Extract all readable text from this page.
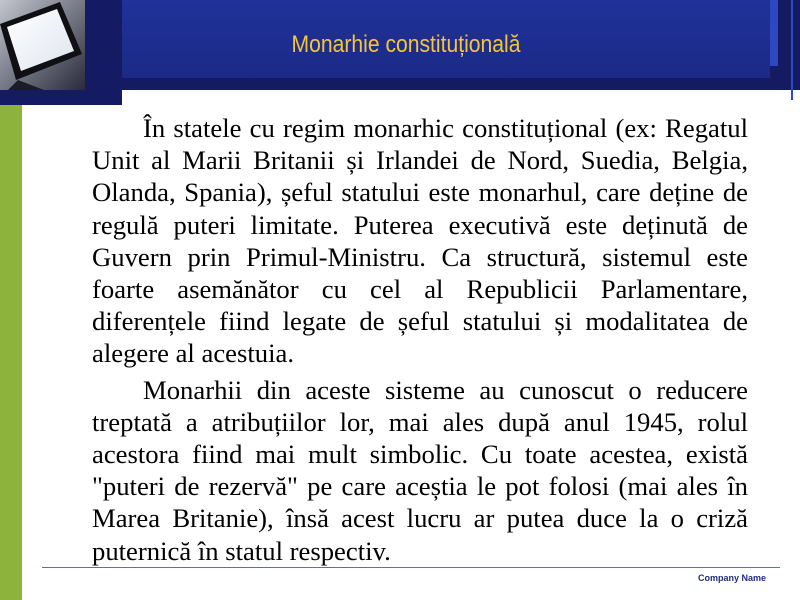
Monarhie constituțională

În statele cu regim monarhic constituțional (ex: Regatul Unit al Marii Britanii și Irlandei de Nord, Suedia, Belgia, Olanda, Spania), șeful statului este monarhul, care deține de regulă puteri limitate. Puterea executivă este deținută de Guvern prin Primul-Ministru. Ca structură, sistemul este foarte asemănător cu cel al Republicii Parlamentare, diferențele fiind legate de șeful statului și modalitatea de alegere al acestuia.

Monarhii din aceste sisteme au cunoscut o reducere treptată a atribuțiilor lor, mai ales după anul 1945, rolul acestora fiind mai mult simbolic. Cu toate acestea, există "puteri de rezervă" pe care aceștia le pot folosi (mai ales în Marea Britanie), însă acest lucru ar putea duce la o criză puternică în statul respectiv.

Company Name
